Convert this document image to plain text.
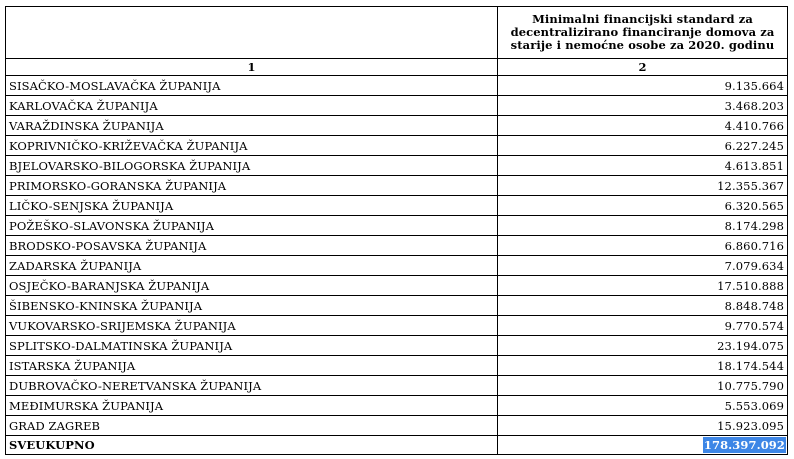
	Minimalni financijski standard za decentralizirano financiranje domova za starije i nemoćne osobe za 2020. godinu
1	2
SISAČKO-MOSLAVAČKA ŽUPANIJA	9.135.664
KARLOVAČKA ŽUPANIJA	3.468.203
VARAŽDINSKA ŽUPANIJA	4.410.766
KOPRIVNIČKO-KRIŽEVAČKA ŽUPANIJA	6.227.245
BJELOVARSKO-BILOGORSKA ŽUPANIJA	4.613.851
PRIMORSKO-GORANSKA ŽUPANIJA	12.355.367
LIČKO-SENJSKA ŽUPANIJA	6.320.565
POŽEŠKO-SLAVONSKA ŽUPANIJA	8.174.298
BRODSKO-POSAVSKA ŽUPANIJA	6.860.716
ZADARSKA ŽUPANIJA	7.079.634
OSJEČKO-BARANJSKA ŽUPANIJA	17.510.888
ŠIBENSKO-KNINSKA ŽUPANIJA	8.848.748
VUKOVARSKO-SRIJEMSKA ŽUPANIJA	9.770.574
SPLITSKO-DALMATINSKA ŽUPANIJA	23.194.075
ISTARSKA ŽUPANIJA	18.174.544
DUBROVAČKO-NERETVANSKA ŽUPANIJA	10.775.790
MEĐIMURSKA ŽUPANIJA	5.553.069
GRAD ZAGREB	15.923.095
SVEUKUPNO	178.397.092
